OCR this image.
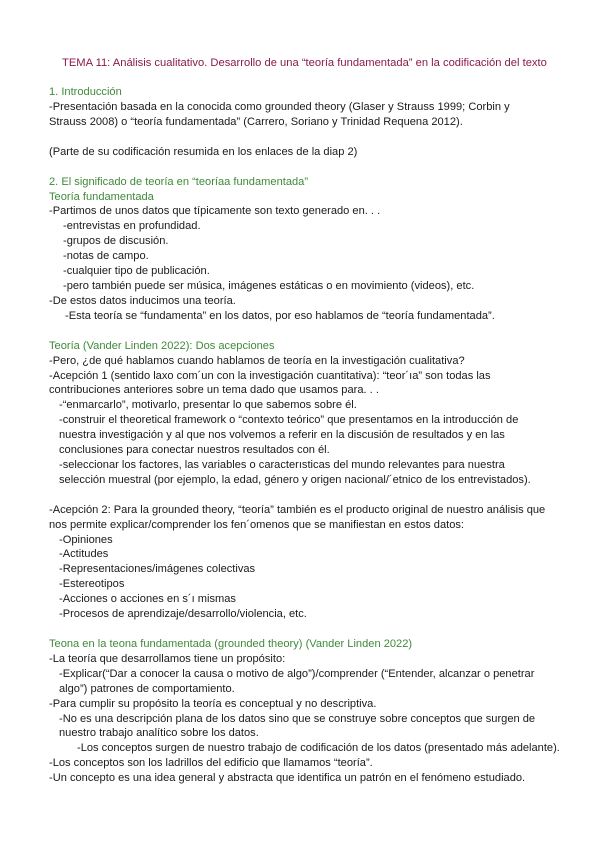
TEMA 11: Análisis cualitativo. Desarrollo de una “teoría fundamentada” en la codificación del texto
1. Introducción
-Presentación basada en la conocida como grounded theory (Glaser y Strauss 1999; Corbin y
Strauss 2008) o “teoría fundamentada” (Carrero, Soriano y Trinidad Requena 2012).
(Parte de su codificación resumida en los enlaces de la diap 2)
2. El significado de teoría en “teoríaa fundamentada”
Teoría fundamentada
-Partimos de unos datos que típicamente son texto generado en. . .
-entrevistas en profundidad.
-grupos de discusión.
-notas de campo.
-cualquier tipo de publicación.
-pero también puede ser música, imágenes estáticas o en movimiento (videos), etc.
-De estos datos inducimos una teoría.
-Esta teoría se “fundamenta” en los datos, por eso hablamos de “teoría fundamentada”.
Teoría (Vander Linden 2022): Dos acepciones
-Pero, ¿de qué hablamos cuando hablamos de teoría en la investigación cualitativa?
-Acepción 1 (sentido laxo com´un con la investigación cuantitativa): “teor´ıa” son todas las
contribuciones anteriores sobre un tema dado que usamos para. . .
-“enmarcarlo”, motivarlo, presentar lo que sabemos sobre él.
-construir el theoretical framework o “contexto teórico” que presentamos en la introducción de
nuestra investigación y al que nos volvemos a referir en la discusión de resultados y en las
conclusiones para conectar nuestros resultados con él.
-seleccionar los factores, las variables o caracterısticas del mundo relevantes para nuestra
selección muestral (por ejemplo, la edad, género y origen nacional/´etnico de los entrevistados).
-Acepción 2: Para la grounded theory, “teoría” también es el producto original de nuestro análisis que
nos permite explicar/comprender los fen´omenos que se manifiestan en estos datos:
-Opiniones
-Actitudes
-Representaciones/imágenes colectivas
-Estereotipos
-Acciones o acciones en s´ı mismas
-Procesos de aprendizaje/desarrollo/violencia, etc.
Teona en la teona fundamentada (grounded theory) (Vander Linden 2022)
-La teoría que desarrollamos tiene un propósito:
-Explicar(“Dar a conocer la causa o motivo de algo”)/comprender (“Entender, alcanzar o penetrar
algo”) patrones de comportamiento.
-Para cumplir su propósito la teoría es conceptual y no descriptiva.
-No es una descripción plana de los datos sino que se construye sobre conceptos que surgen de
nuestro trabajo analítico sobre los datos.
-Los conceptos surgen de nuestro trabajo de codificación de los datos (presentado más adelante).
-Los conceptos son los ladrillos del edificio que llamamos “teoría”.
-Un concepto es una idea general y abstracta que identifica un patrón en el fenómeno estudiado.
